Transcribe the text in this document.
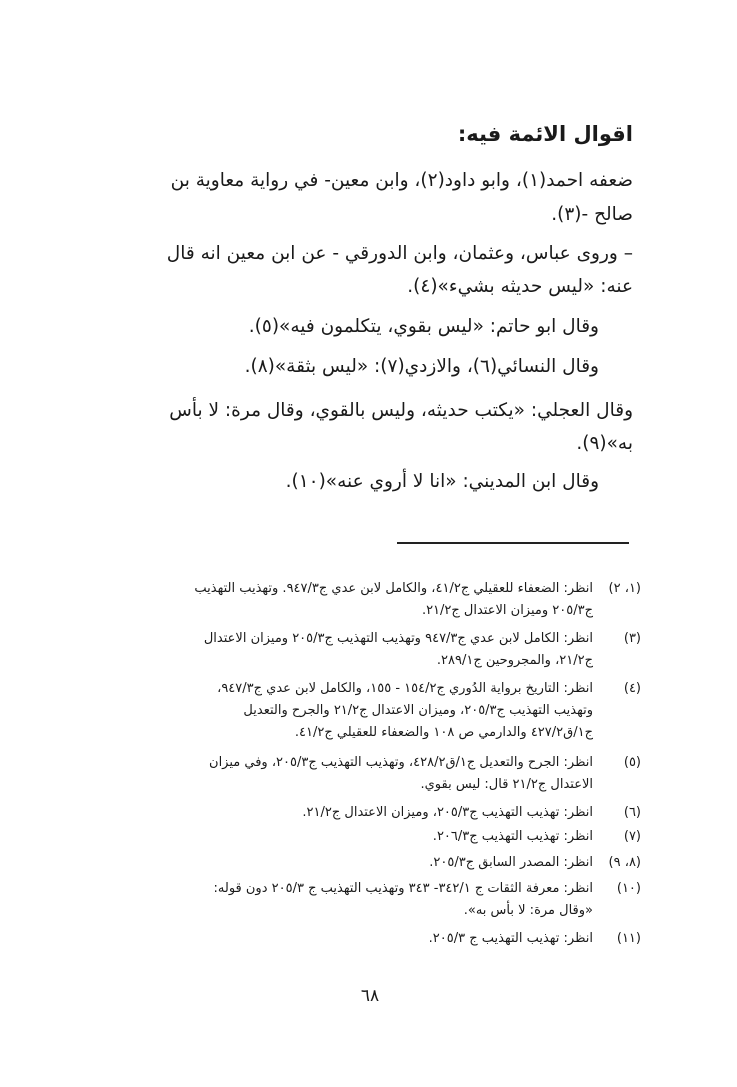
اقوال الائمة فيه:
ضعفه احمد(١)، وابو داود(٢)، وابن معين- في رواية معاوية بن
صالح -(٣).
– وروى عباس، وعثمان، وابن الدورقي - عن ابن معين انه قال
عنه: «ليس حديثه بشيء»(٤).
وقال ابو حاتم: «ليس بقوي، يتكلمون فيه»(٥).
وقال النسائي(٦)، والازدي(٧): «ليس بثقة»(٨).
وقال العجلي: «يكتب حديثه، وليس بالقوي، وقال مرة: لا بأس
به»(٩).
وقال ابن المديني: «انا لا أروي عنه»(١٠).
(١، ٢)
انظر: الضعفاء للعقيلي ج٤١/٢، والكامل لابن عدي ج٩٤٧/٣. وتهذيب التهذيب
ج٢٠٥/٣ وميزان الاعتدال ج٢١/٢.
(٣)
انظر: الكامل لابن عدي ج٩٤٧/٣ وتهذيب التهذيب ج٢٠٥/٣ وميزان الاعتدال
ج٢١/٢، والمجروحين ج٢٨٩/١.
(٤)
انظر: التاريخ برواية الدُوري ج١٥٤/٢ - ١٥٥، والكامل لابن عدي ج٩٤٧/٣،
وتهذيب التهذيب ج٢٠٥/٣، وميزان الاعتدال ج٢١/٢ والجرح والتعديل
ج١/ق٤٢٧/٢ والدارمي ص ١٠٨ والضعفاء للعقيلي ج٤١/٢.
(٥)
انظر: الجرح والتعديل ج١/ق٤٢٨/٢، وتهذيب التهذيب ج٢٠٥/٣، وفي ميزان
الاعتدال ج٢١/٢ قال: ليس بقوي.
(٦)
انظر: تهذيب التهذيب ج٢٠٥/٣، وميزان الاعتدال ج٢١/٢.
(٧)
انظر: تهذيب التهذيب ج٢٠٦/٣.
(٨، ٩)
انظر: المصدر السابق ج٢٠٥/٣.
(١٠)
انظر: معرفة الثقات ج ٣٤٢/١- ٣٤٣ وتهذيب التهذيب ج ٢٠٥/٣ دون قوله:
«وقال مرة: لا بأس به».
(١١)
انظر: تهذيب التهذيب ج ٢٠٥/٣.
٦٨
